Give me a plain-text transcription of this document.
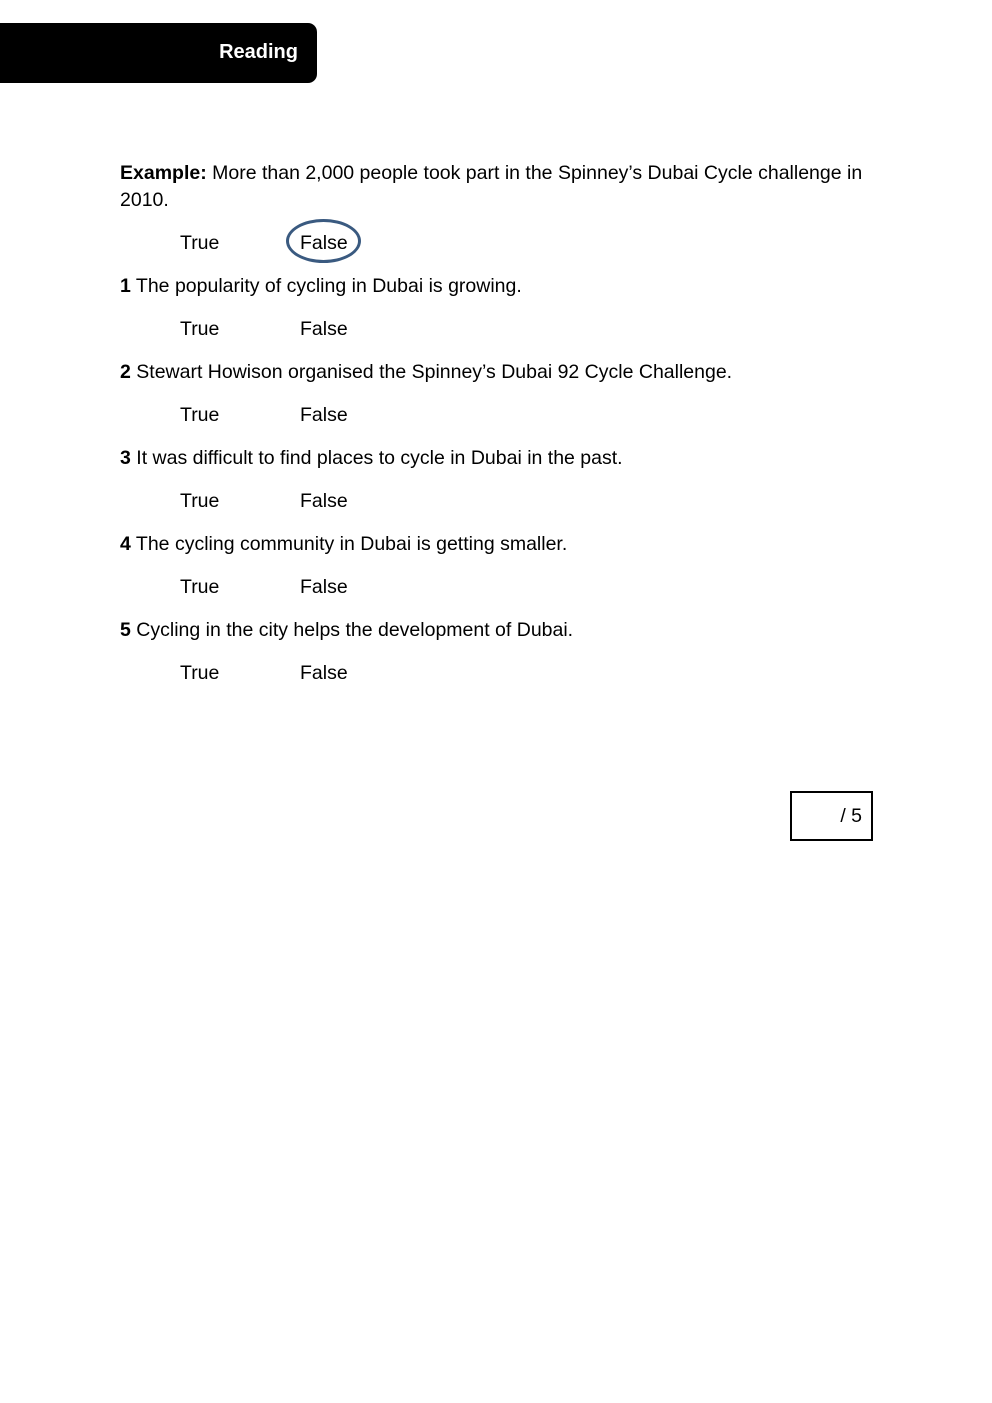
Reading

Example: More than 2,000 people took part in the Spinney’s Dubai Cycle challenge in 2010.

True	False

1 The popularity of cycling in Dubai is growing.

True	False

2 Stewart Howison organised the Spinney’s Dubai 92 Cycle Challenge.

True	False

3 It was difficult to find places to cycle in Dubai in the past.

True	False

4 The cycling community in Dubai is getting smaller.

True	False

5 Cycling in the city helps the development of Dubai.

True	False
/ 5
